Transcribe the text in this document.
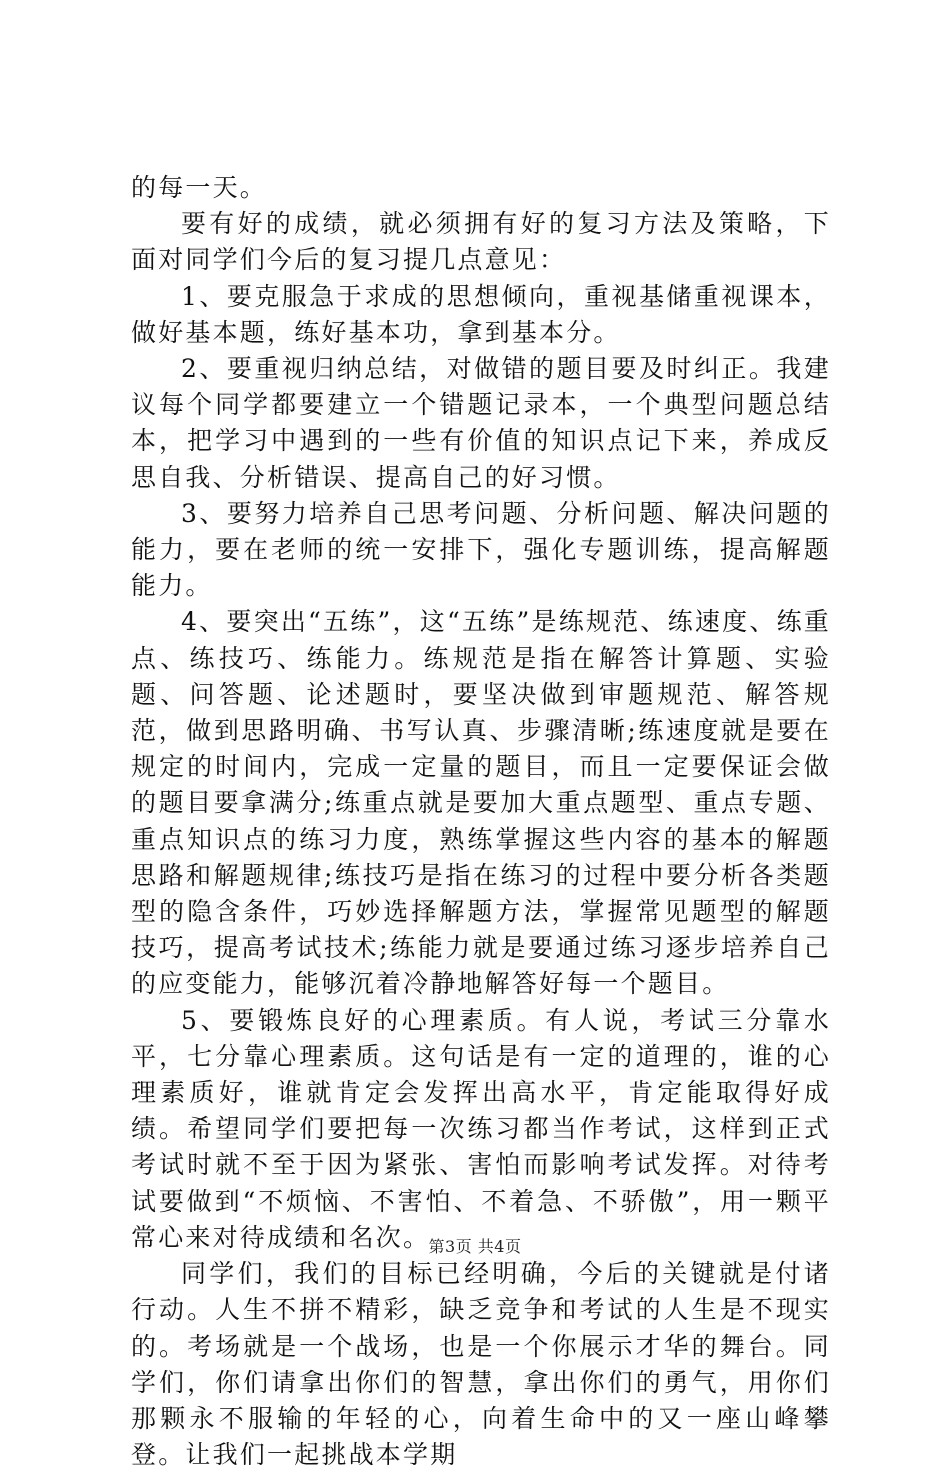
的每一天。

要有好的成绩，就必须拥有好的复习方法及策略，下面对同学们今后的复习提几点意见：

1、要克服急于求成的思想倾向，重视基储重视课本，做好基本题，练好基本功，拿到基本分。

2、要重视归纳总结，对做错的题目要及时纠正。我建议每个同学都要建立一个错题记录本，一个典型问题总结本，把学习中遇到的一些有价值的知识点记下来，养成反思自我、分析错误、提高自己的好习惯。

3、要努力培养自己思考问题、分析问题、解决问题的能力，要在老师的统一安排下，强化专题训练，提高解题能力。

4、要突出“五练”，这“五练”是练规范、练速度、练重点、练技巧、练能力。练规范是指在解答计算题、实验题、问答题、论述题时，要坚决做到审题规范、解答规范，做到思路明确、书写认真、步骤清晰;练速度就是要在规定的时间内，完成一定量的题目，而且一定要保证会做的题目要拿满分;练重点就是要加大重点题型、重点专题、重点知识点的练习力度，熟练掌握这些内容的基本的解题思路和解题规律;练技巧是指在练习的过程中要分析各类题型的隐含条件，巧妙选择解题方法，掌握常见题型的解题技巧，提高考试技术;练能力就是要通过练习逐步培养自己的应变能力，能够沉着冷静地解答好每一个题目。

5、要锻炼良好的心理素质。有人说，考试三分靠水平，七分靠心理素质。这句话是有一定的道理的，谁的心理素质好，谁就肯定会发挥出高水平，肯定能取得好成绩。希望同学们要把每一次练习都当作考试，这样到正式考试时就不至于因为紧张、害怕而影响考试发挥。对待考试要做到“不烦恼、不害怕、不着急、不骄傲”，用一颗平常心来对待成绩和名次。

同学们，我们的目标已经明确，今后的关键就是付诸行动。人生不拼不精彩，缺乏竞争和考试的人生是不现实的。考场就是一个战场，也是一个你展示才华的舞台。同学们，你们请拿出你们的智慧，拿出你们的勇气，用你们那颗永不服输的年轻的心，向着生命中的又一座山峰攀登。让我们一起挑战本学期

第3页 共4页
